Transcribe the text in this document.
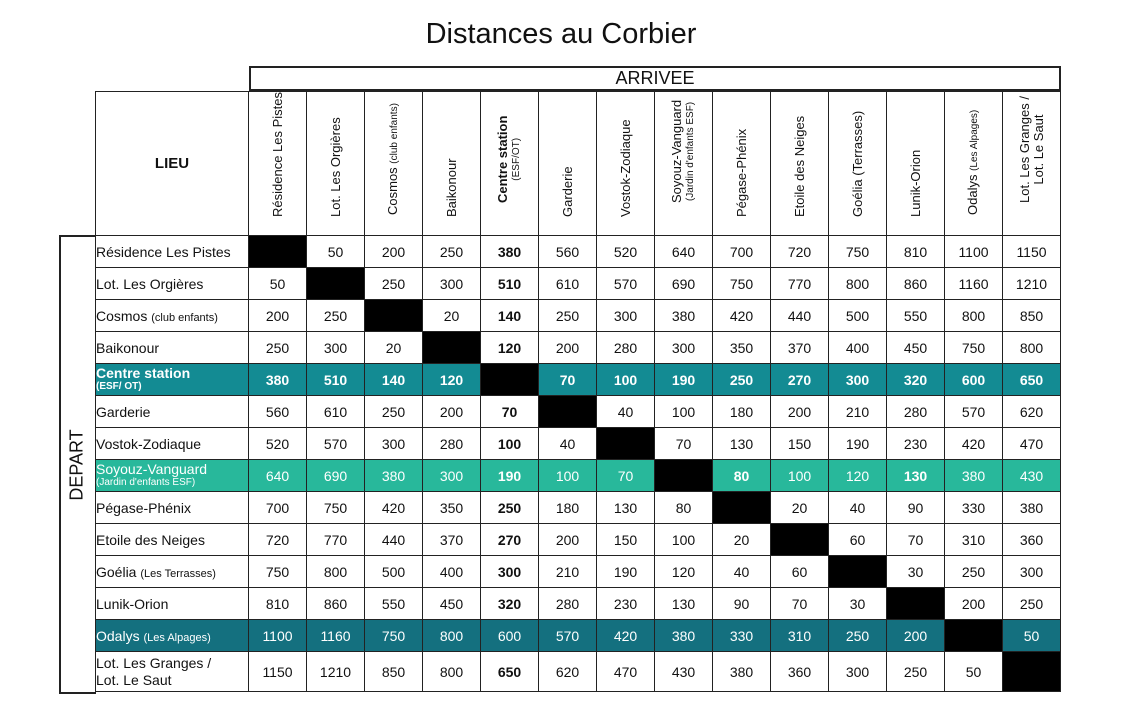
Distances au Corbier
ARRIVEE
DEPART
LIEU	Résidence Les Pistes	Lot. Les Orgières	Cosmos (club enfants)	Baikonour	Centre station (ESF/OT)	Garderie	Vostok-Zodiaque	Soyouz-Vanguard (Jardin d'enfants ESF)	Pégase-Phénix	Etoile des Neiges	Goélia (Terrasses)	Lunik-Orion	Odalys (Les Alpages)	Lot. Les Granges / Lot. Le Saut

Résidence Les Pistes		50	200	250	380	560	520	640	700	720	750	810	1100	1150
Lot. Les Orgières	50		250	300	510	610	570	690	750	770	800	860	1160	1210
Cosmos (club enfants)	200	250		20	140	250	300	380	420	440	500	550	800	850
Baikonour	250	300	20		120	200	280	300	350	370	400	450	750	800
Centre station
(ESF/ OT)	380	510	140	120		70	100	190	250	270	300	320	600	650
Garderie	560	610	250	200	70		40	100	180	200	210	280	570	620
Vostok-Zodiaque	520	570	300	280	100	40		70	130	150	190	230	420	470
Soyouz-Vanguard
(Jardin d'enfants ESF)	640	690	380	300	190	100	70		80	100	120	130	380	430
Pégase-Phénix	700	750	420	350	250	180	130	80		20	40	90	330	380
Etoile des Neiges	720	770	440	370	270	200	150	100	20		60	70	310	360
Goélia (Les Terrasses)	750	800	500	400	300	210	190	120	40	60		30	250	300
Lunik-Orion	810	860	550	450	320	280	230	130	90	70	30		200	250
Odalys (Les Alpages)	1100	1160	750	800	600	570	420	380	330	310	250	200		50
Lot. Les Granges /
Lot. Le Saut	1150	1210	850	800	650	620	470	430	380	360	300	250	50	
